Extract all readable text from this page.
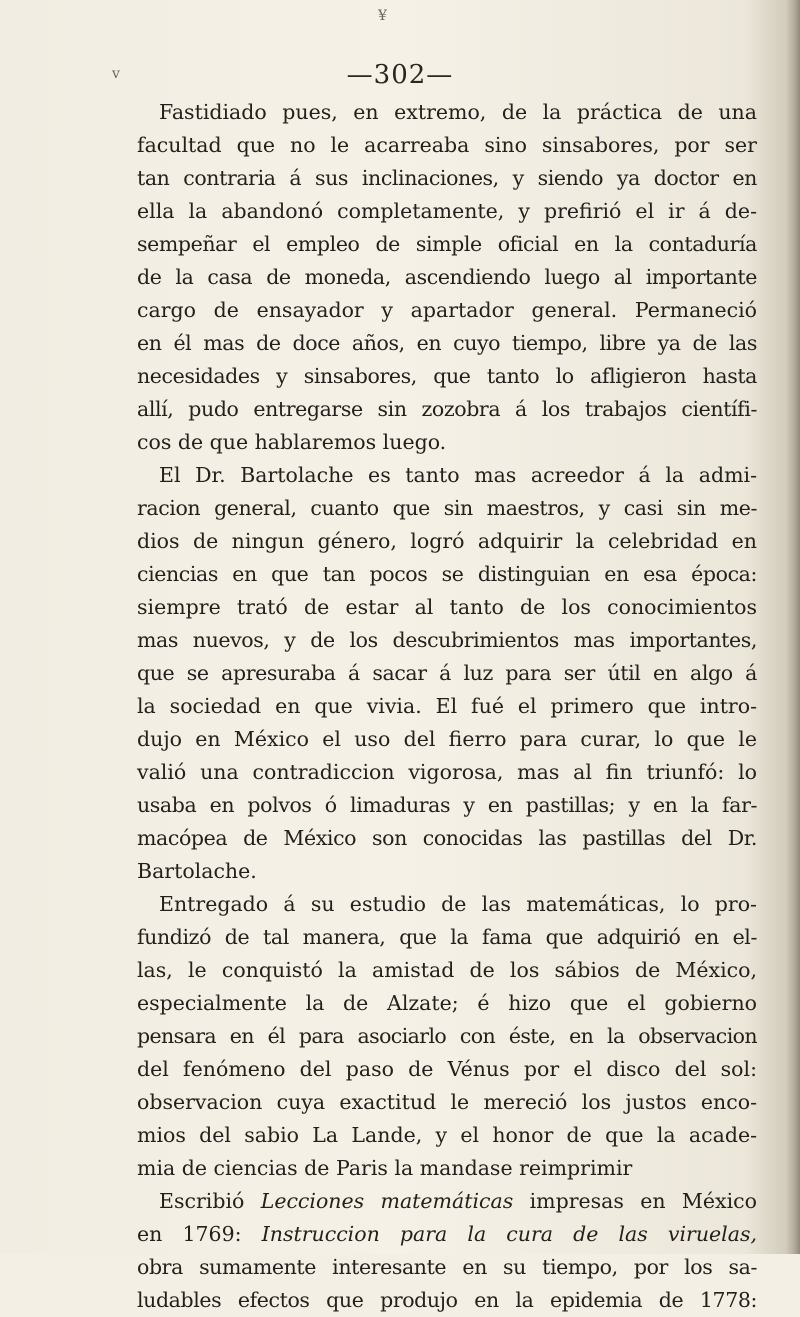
¥
v	—302—
Fastidiado pues, en extremo, de la práctica de una
facultad que no le acarreaba sino sinsabores, por ser
tan contraria á sus inclinaciones, y siendo ya doctor en
ella la abandonó completamente, y prefirió el ir á de-
sempeñar el empleo de simple oficial en la contaduría
de la casa de moneda, ascendiendo luego al importante
cargo de ensayador y apartador general. Permaneció
en él mas de doce años, en cuyo tiempo, libre ya de las
necesidades y sinsabores, que tanto lo afligieron hasta
allí, pudo entregarse sin zozobra á los trabajos científi-
cos de que hablaremos luego.
El Dr. Bartolache es tanto mas acreedor á la admi-
racion general, cuanto que sin maestros, y casi sin me-
dios de ningun género, logró adquirir la celebridad en
ciencias en que tan pocos se distinguian en esa época:
siempre trató de estar al tanto de los conocimientos
mas nuevos, y de los descubrimientos mas importantes,
que se apresuraba á sacar á luz para ser útil en algo á
la sociedad en que vivia. El fué el primero que intro-
dujo en México el uso del fierro para curar, lo que le
valió una contradiccion vigorosa, mas al fin triunfó: lo
usaba en polvos ó limaduras y en pastillas; y en la far-
macópea de México son conocidas las pastillas del Dr.
Bartolache.
Entregado á su estudio de las matemáticas, lo pro-
fundizó de tal manera, que la fama que adquirió en el-
las, le conquistó la amistad de los sábios de México,
especialmente la de Alzate; é hizo que el gobierno
pensara en él para asociarlo con éste, en la observacion
del fenómeno del paso de Vénus por el disco del sol:
observacion cuya exactitud le mereció los justos enco-
mios del sabio La Lande, y el honor de que la acade-
mia de ciencias de Paris la mandase reimprimir
Escribió Lecciones matemáticas impresas en México
en 1769: Instruccion para la cura de las viruelas,
obra sumamente interesante en su tiempo, por los sa-
ludables efectos que produjo en la epidemia de 1778:
